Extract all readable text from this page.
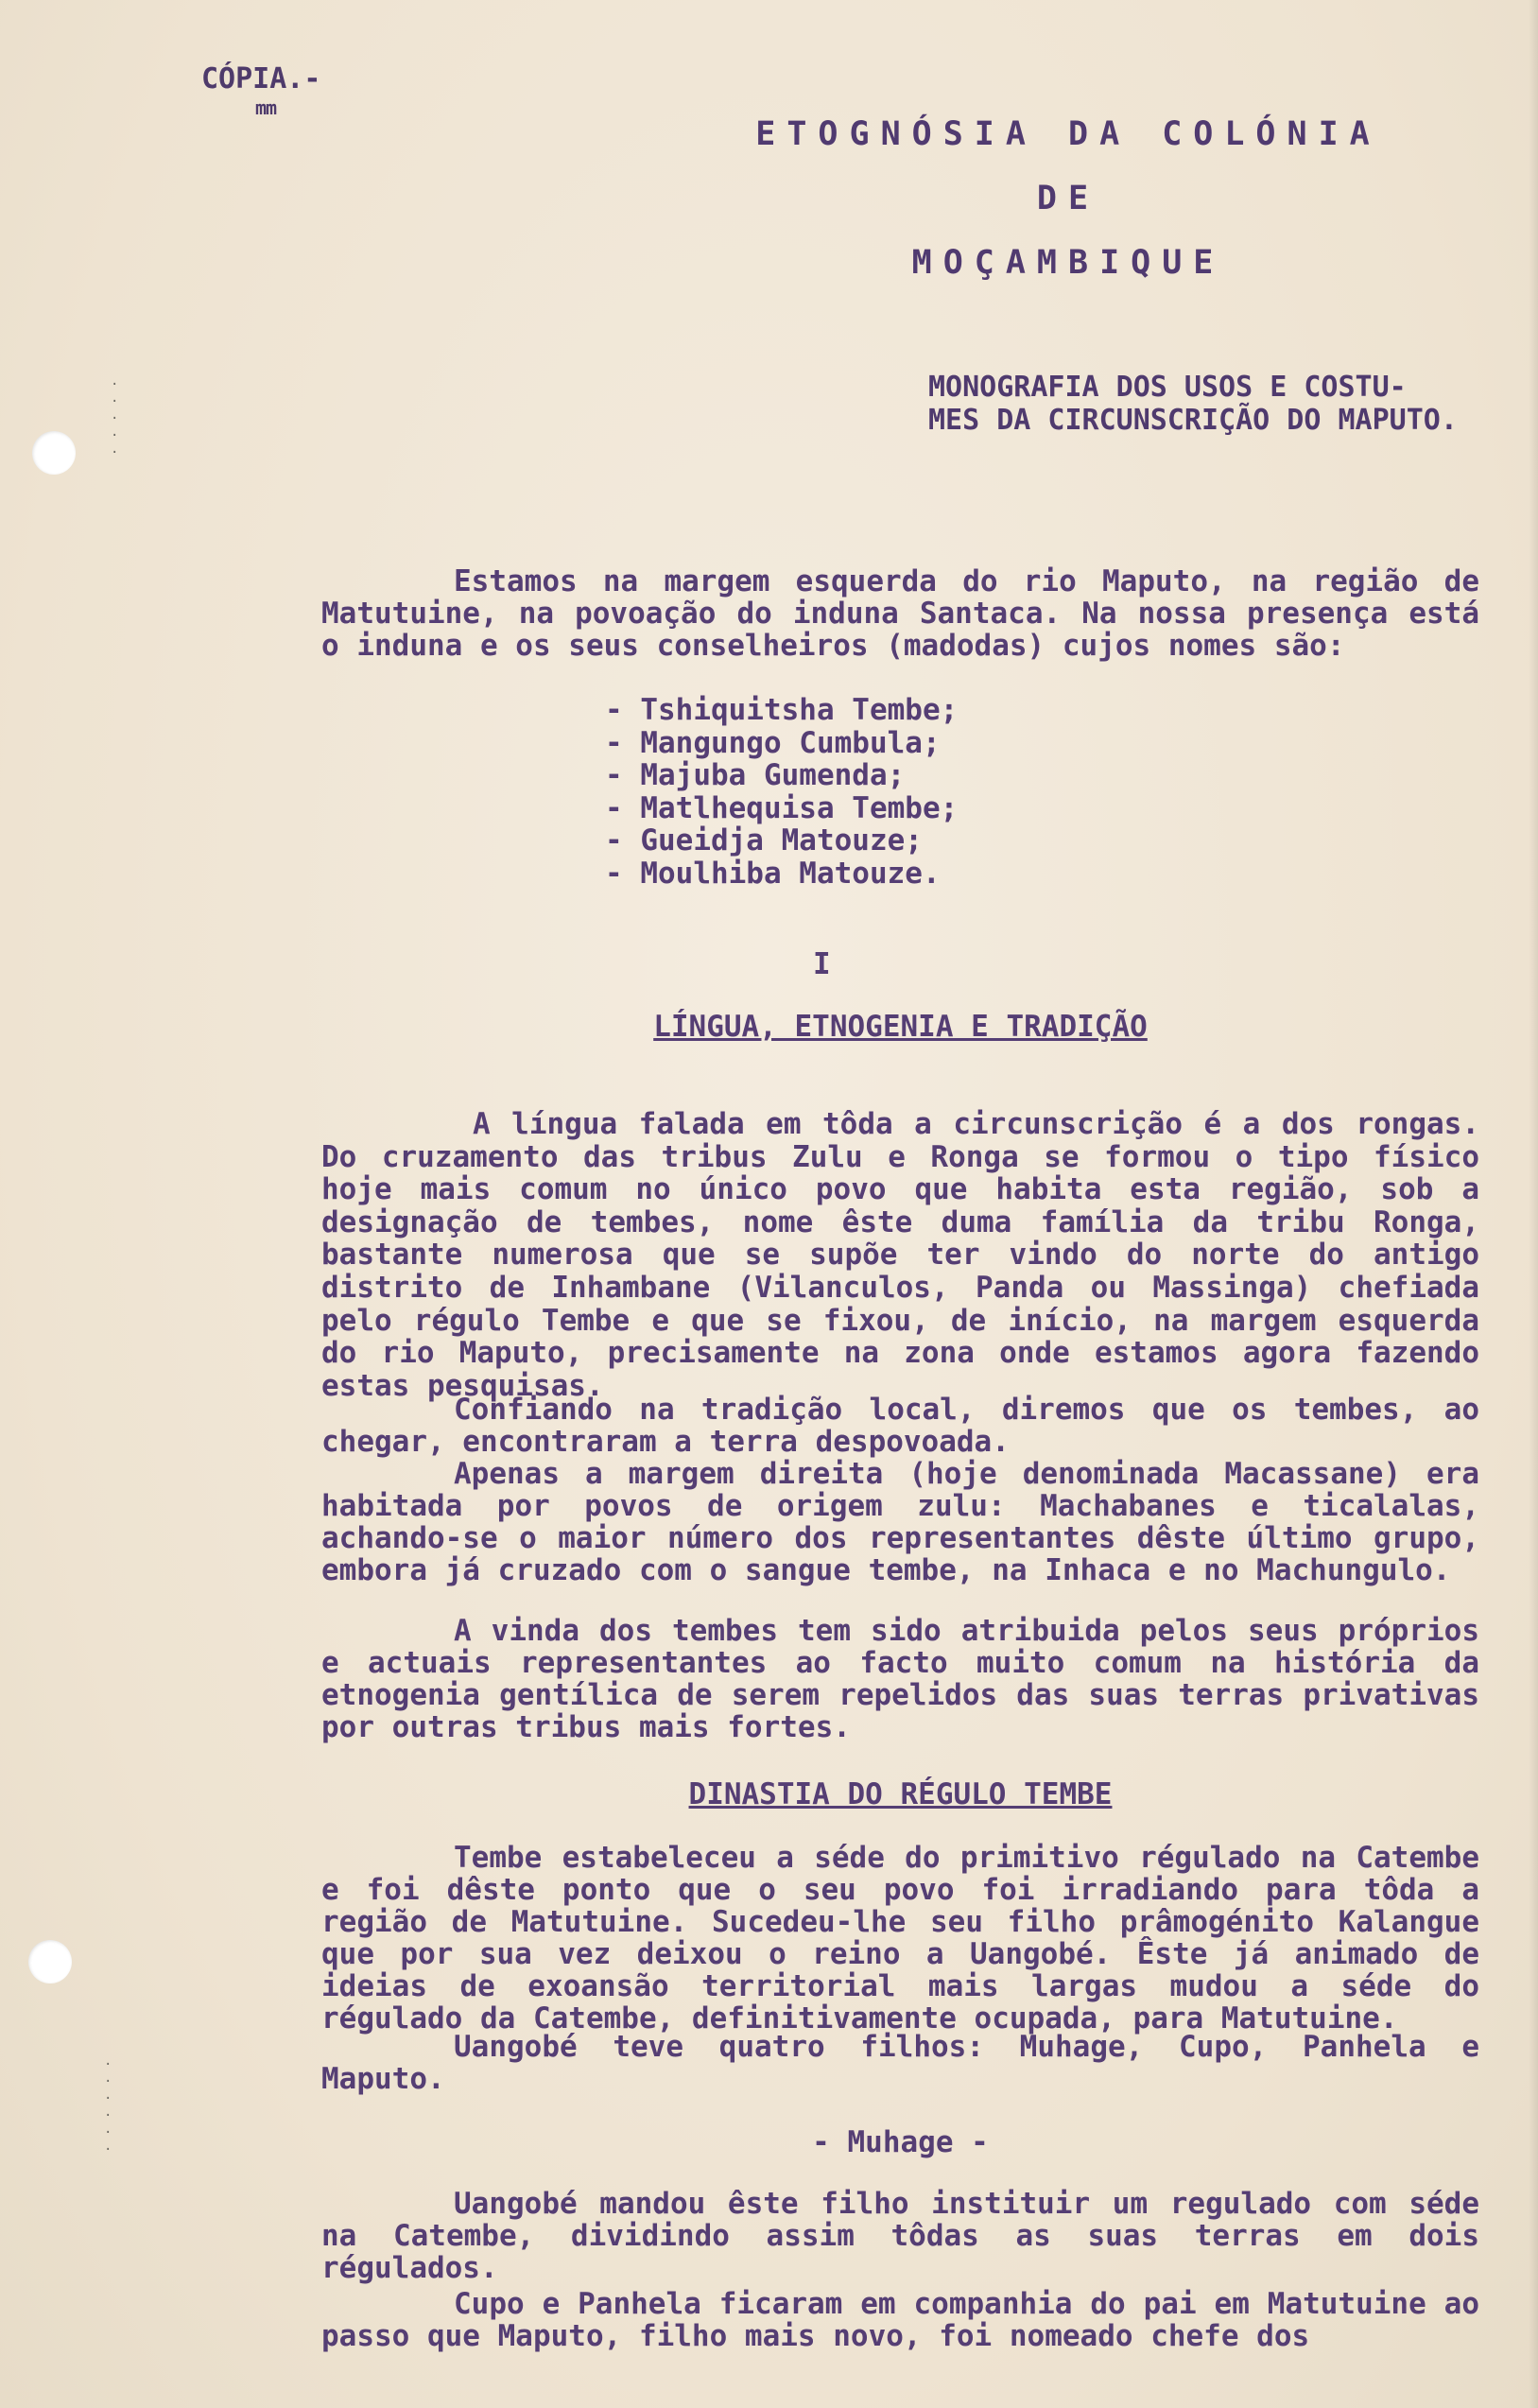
CÓPIA.-
mm
ETOGNÓSIA DA COLÓNIA
DE
MOÇAMBIQUE
MONOGRAFIA DOS USOS E COSTU- MES DA CIRCUNSCRIÇÃO DO MAPUTO.
·
·
·
·
·
·
·
·
·
·
·
Estamos na margem esquerda do rio Maputo, na região de Matutuine, na povoação do induna Santaca. Na nossa presença está o induna e os seus conselheiros (madodas) cujos nomes são:
- Tshiquitsha Tembe;
- Mangungo Cumbula;
- Majuba Gumenda;
- Matlhequisa Tembe;
- Gueidja Matouze;
- Moulhiba Matouze.
I
LÍNGUA, ETNOGENIA E TRADIÇÃO
A língua falada em tôda a circunscrição é a dos rongas. Do cruzamento das tribus Zulu e Ronga se formou o tipo físico hoje mais comum no único povo que habita esta região, sob a designação de tembes, nome êste duma família da tribu Ronga, bastante numerosa que se supõe ter vindo do norte do antigo distrito de Inhambane (Vilanculos, Panda ou Massinga) chefiada pelo régulo Tembe e que se fixou, de início, na margem esquerda do rio Maputo, precisamente na zona onde estamos agora fazendo estas pesquisas.
Confiando na tradição local, diremos que os tembes, ao chegar, encontraram a terra despovoada.
Apenas a margem direita (hoje denominada Macassane) era habitada por povos de origem zulu: Machabanes e ticalalas, achando-se o maior número dos representantes dêste último grupo, embora já cruzado com o sangue tembe, na Inhaca e no Machungulo.
A vinda dos tembes tem sido atribuida pelos seus próprios e actuais representantes ao facto muito comum na história da etnogenia gentílica de serem repelidos das suas terras privativas por outras tribus mais fortes.
DINASTIA DO RÉGULO TEMBE
Tembe estabeleceu a séde do primitivo régulado na Catembe e foi dêste ponto que o seu povo foi irradiando para tôda a região de Matutuine. Sucedeu-lhe seu filho prâmogénito Kalangue que por sua vez deixou o reino a Uangobé. Êste já animado de ideias de exoansão territorial mais largas mudou a séde do régulado da Catembe, definitivamente ocupada, para Matutuine.
Uangobé teve quatro filhos: Muhage, Cupo, Panhela e Maputo.
- Muhage -
Uangobé mandou êste filho instituir um regulado com séde na Catembe, dividindo assim tôdas as suas terras em dois régulados.
Cupo e Panhela ficaram em companhia do pai em Matutuine ao passo que Maputo, filho mais novo, foi nomeado chefe dos
